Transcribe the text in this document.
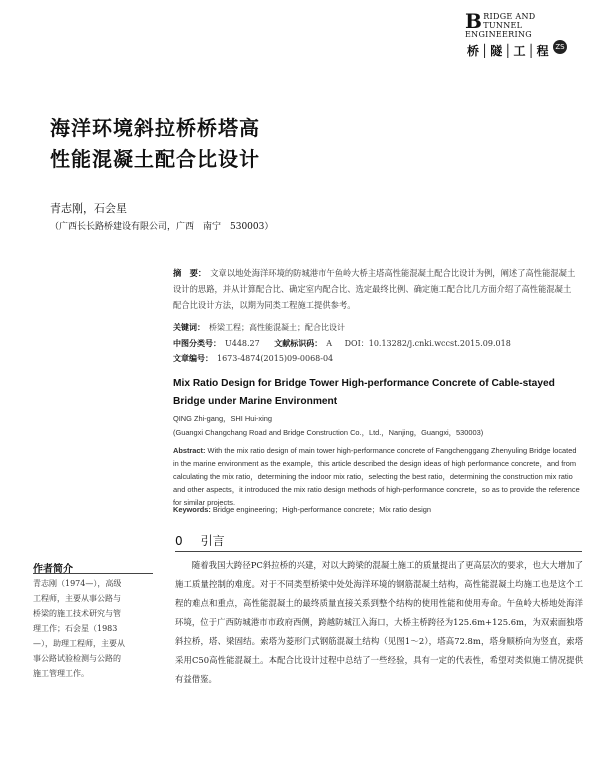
B RIDGE AND
TUNNEL ENGINEERING
桥│隧│工│程 ZS
海洋环境斜拉桥桥塔高
性能混凝土配合比设计
青志刚，石会星
（广西长长路桥建设有限公司，广西　南宁　530003）
摘　要： 文章以地处海洋环境的防城港市午鱼岭大桥主塔高性能混凝土配合比设计为例，阐述了高性能混凝土设计的思路，并从计算配合比、确定室内配合比、选定最终比例、确定施工配合比几方面介绍了高性能混凝土配合比设计方法，以期为同类工程施工提供参考。
关键词： 桥梁工程；高性能混凝土；配合比设计
中图分类号： U448.27 文献标识码： A DOI：10.13282/j.cnki.wccst.2015.09.018
文章编号： 1673-4874(2015)09-0068-04
Mix Ratio Design for Bridge Tower High-performance Concrete of Cable-stayed Bridge under Marine Environment
QING Zhi-gang，SHI Hui-xing
(Guangxi Changchang Road and Bridge Construction Co.，Ltd.，Nanjing，Guangxi，530003)
Abstract: With the mix ratio design of main tower high-performance concrete of Fangchenggang Zhenyuling Bridge located in the marine environment as the example，this article described the design ideas of high performance concrete，and from calculating the mix ratio，determining the indoor mix ratio，selecting the best ratio，determining the construction mix ratio and other aspects，it introduced the mix ratio design methods of high-performance concrete，so as to provide the reference for similar projects.
Keywords: Bridge engineering；High-performance concrete；Mix ratio design
0 引言
随着我国大跨径PC斜拉桥的兴建，对以大跨梁的混凝土施工的质量提出了更高层次的要求，也大大增加了施工质量控制的难度。对于不同类型桥梁中处处海洋环境的钢筋混凝土结构，高性能混凝土均施工也是这个工程的难点和重点，高性能混凝土的最终质量直接关系到整个结构的使用性能和使用寿命。午鱼岭大桥地处海洋环境，位于广西防城港市市政府西侧，跨越防城江入海口，大桥主桥跨径为125.6m+125.6m，为双索面独塔斜拉桥，塔、梁固结。索塔为菱形门式钢筋混凝土结构（见图1～2），塔高72.8m，塔身顺桥向为竖直，索塔采用C50高性能混凝土。本配合比设计过程中总结了一些经验，具有一定的代表性，希望对类似施工情况提供有益借鉴。
作者简介
青志刚（1974—），高级工程师，主要从事公路与桥梁的施工技术研究与管理工作；石会星（1983—），助理工程师，主要从事公路试验检测与公路的施工管理工作。
